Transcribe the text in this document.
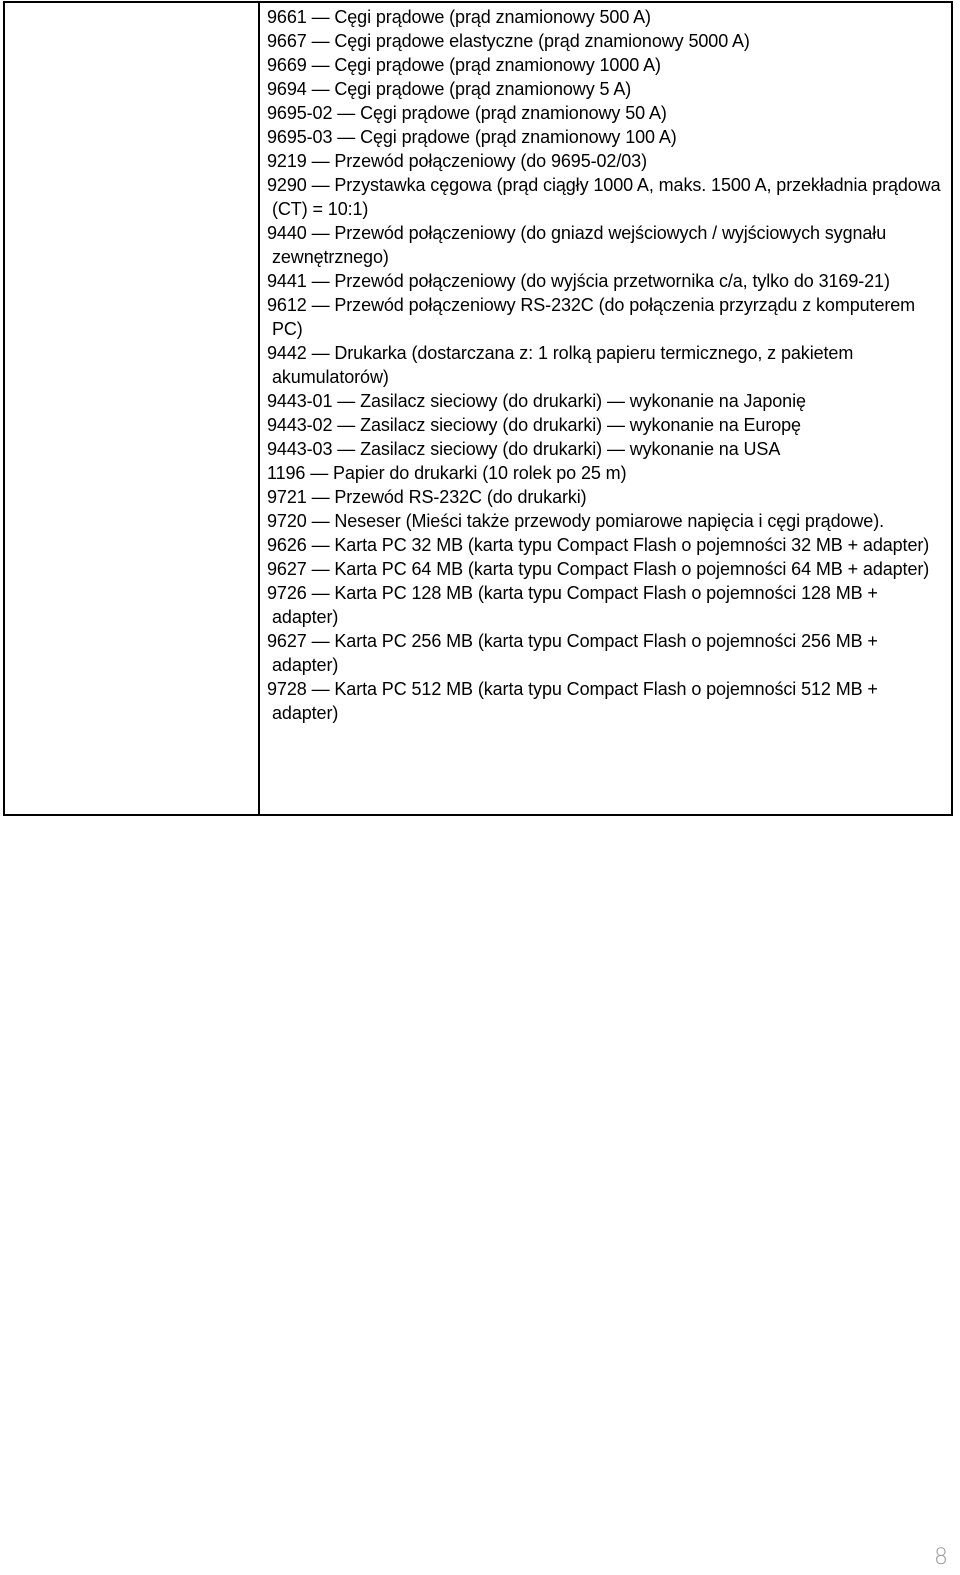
9661 — Cęgi prądowe (prąd znamionowy 500 A)
9667 — Cęgi prądowe elastyczne (prąd znamionowy 5000 A)
9669 — Cęgi prądowe (prąd znamionowy 1000 A)
9694 — Cęgi prądowe (prąd znamionowy 5 A)
9695-02 — Cęgi prądowe (prąd znamionowy 50 A)
9695-03 — Cęgi prądowe (prąd znamionowy 100 A)
9219 — Przewód połączeniowy (do 9695-02/03)
9290 — Przystawka cęgowa (prąd ciągły 1000 A, maks. 1500 A, przekładnia prądowa (CT) = 10:1)
9440 — Przewód połączeniowy (do gniazd wejściowych / wyjściowych sygnału zewnętrznego)
9441 — Przewód połączeniowy (do wyjścia przetwornika c/a, tylko do 3169-21)
9612 — Przewód połączeniowy RS-232C (do połączenia przyrządu z komputerem PC)
9442 — Drukarka (dostarczana z: 1 rolką papieru termicznego, z pakietem akumulatorów)
9443-01 — Zasilacz sieciowy (do drukarki) — wykonanie na Japonię
9443-02 — Zasilacz sieciowy (do drukarki) — wykonanie na Europę
9443-03 — Zasilacz sieciowy (do drukarki) — wykonanie na USA
1196 — Papier do drukarki (10 rolek po 25 m)
9721 — Przewód RS-232C (do drukarki)
9720 — Neseser (Mieści także przewody pomiarowe napięcia i cęgi prądowe).
9626 — Karta PC 32 MB (karta typu Compact Flash o pojemności 32 MB + adapter)
9627 — Karta PC 64 MB (karta typu Compact Flash o pojemności 64 MB + adapter)
9726 — Karta PC 128 MB (karta typu Compact Flash o pojemności 128 MB + adapter)
9627 — Karta PC 256 MB (karta typu Compact Flash o pojemności 256 MB + adapter)
9728 — Karta PC 512 MB (karta typu Compact Flash o pojemności 512 MB + adapter)
8
